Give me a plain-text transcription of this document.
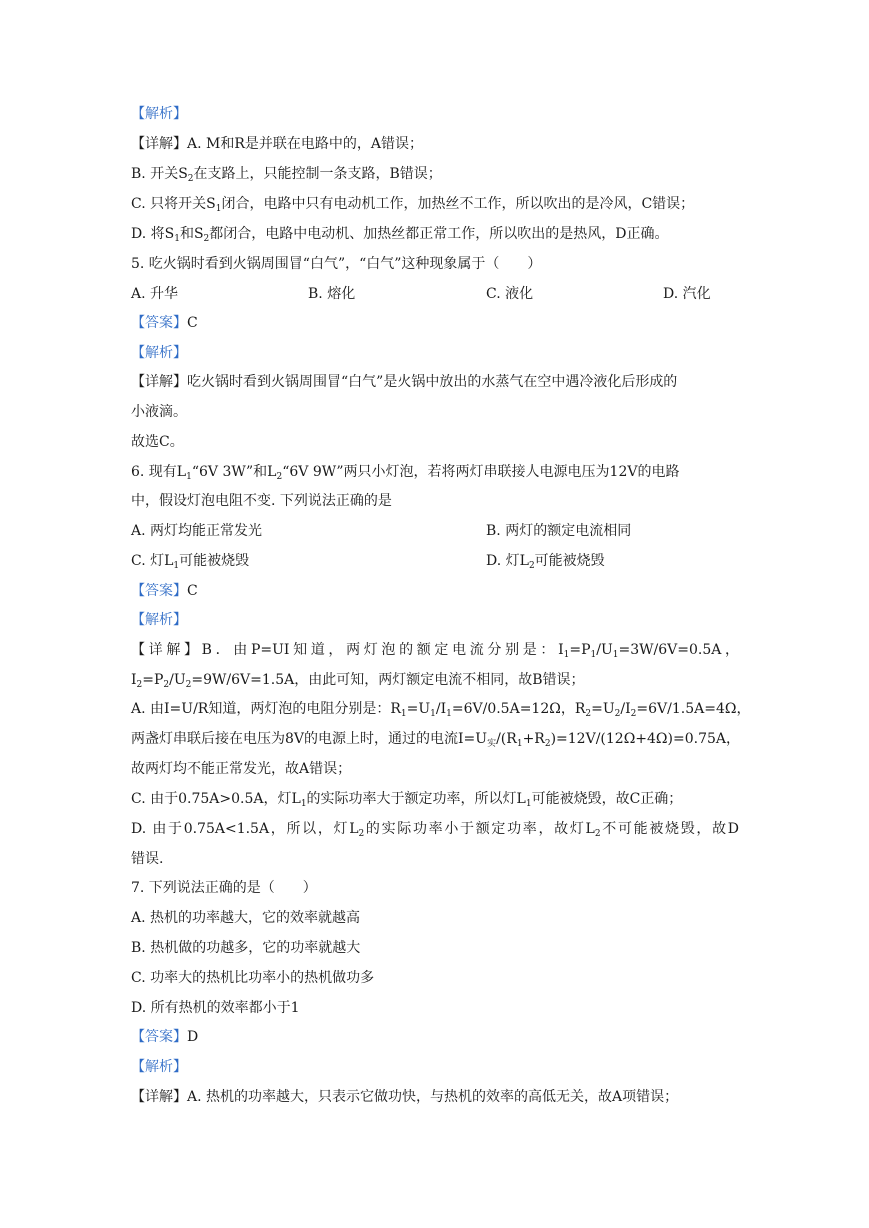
【解析】
【详解】A. M和R是并联在电路中的，A错误；
B. 开关$S_2$在支路上，只能控制一条支路，B错误；
C. 只将开关$S_1$闭合，电路中只有电动机工作，加热丝不工作，所以吹出的是冷风，C错误；
D. 将$S_1$和$S_2$都闭合，电路中电动机、加热丝都正常工作，所以吹出的是热风，D正确。
5. 吃火锅时看到火锅周围冒“白气”，“白气”这种现象属于（　　）
A. 升华	B. 熔化	C. 液化	D. 汽化
【答案】C
【解析】
【详解】吃火锅时看到火锅周围冒“白气”是火锅中放出的水蒸气在空中遇冷液化后形成的
小液滴。
故选C。
6. 现有$L_1“6V$ 3W”和$L_2“6V$ 9W”两只小灯泡，若将两灯串联接人电源电压为12V的电路
中，假设灯泡电阻不变. 下列说法正确的是
A. 两灯均能正常发光	B. 两灯的额定电流相同
C. 灯$L_1$可能被烧毁	D. 灯$L_2$可能被烧毁
【答案】C
【解析】
【详解】B．由P=UI知道，两灯泡的额定电流分别是：$I_1=P_1/U_1=3W/6V=0.5A$，
$I_2=P_2/U_2=9W/6V=1.5A$，由此可知，两灯额定电流不相同，故B错误；
A. 由I=U/R知道，两灯泡的电阻分别是：$R_1=U_1/I_1=6V/0.5A=12\Omega$，$R_2=U_2/I_2=6V/1.5A=4\Omega$，
两盏灯串联后接在电压为8V的电源上时，通过的电流$I=U_实/(R_1+R_2)=12V/(12\Omega+4\Omega)=0.75A$，
故两灯均不能正常发光，故A错误；
C. 由于0.75A>0.5A，灯$L_1$的实际功率大于额定功率，所以灯$L_1$可能被烧毁，故C正确；
D. 由于0.75A<1.5A，所以，灯$L_2$的实际功率小于额定功率，故灯$L_2$不可能被烧毁，故D
错误.
7. 下列说法正确的是（　　）
A. 热机的功率越大，它的效率就越高
B. 热机做的功越多，它的功率就越大
C. 功率大的热机比功率小的热机做功多
D. 所有热机的效率都小于1
【答案】D
【解析】
【详解】A. 热机的功率越大，只表示它做功快，与热机的效率的高低无关，故A项错误；
